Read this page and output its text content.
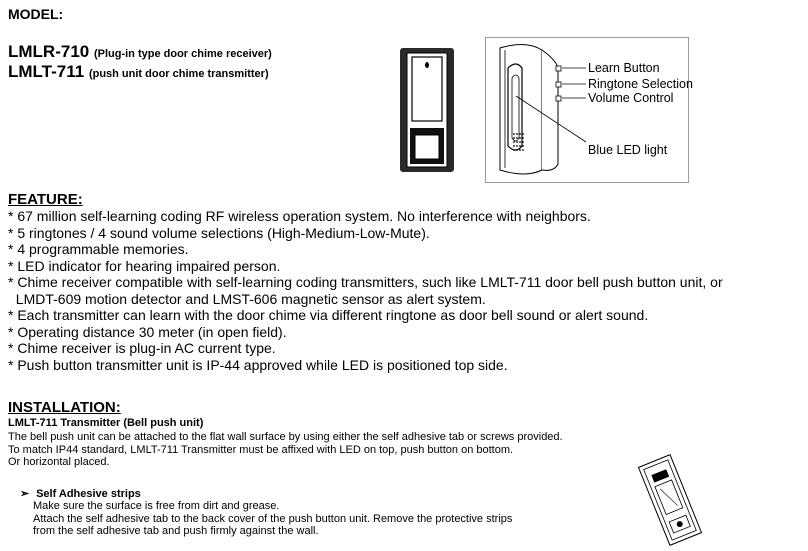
MODEL:
LMLR-710 (Plug-in type door chime receiver)
LMLT-711 (push unit door chime transmitter)	Learn Button
Ringtone Selection
Volume Control
Blue LED light
FEATURE:
* 67 million self-learning coding RF wireless operation system. No interference with neighbors.
* 5 ringtones / 4 sound volume selections (High-Medium-Low-Mute).
* 4 programmable memories.
* LED indicator for hearing impaired person.
* Chime receiver compatible with self-learning coding transmitters, such like LMLT-711 door bell push button unit, or
LMDT-609 motion detector and LMST-606 magnetic sensor as alert system.
* Each transmitter can learn with the door chime via different ringtone as door bell sound or alert sound.
* Operating distance 30 meter (in open field).
* Chime receiver is plug-in AC current type.
* Push button transmitter unit is IP-44 approved while LED is positioned top side.
INSTALLATION:
LMLT-711 Transmitter (Bell push unit)
The bell push unit can be attached to the flat wall surface by using either the self adhesive tab or screws provided.
To match IP44 standard, LMLT-711 Transmitter must be affixed with LED on top, push button on bottom.
Or horizontal placed.
➢ Self Adhesive strips
Make sure the surface is free from dirt and grease.
Attach the self adhesive tab to the back cover of the push button unit. Remove the protective strips
from the self adhesive tab and push firmly against the wall.
